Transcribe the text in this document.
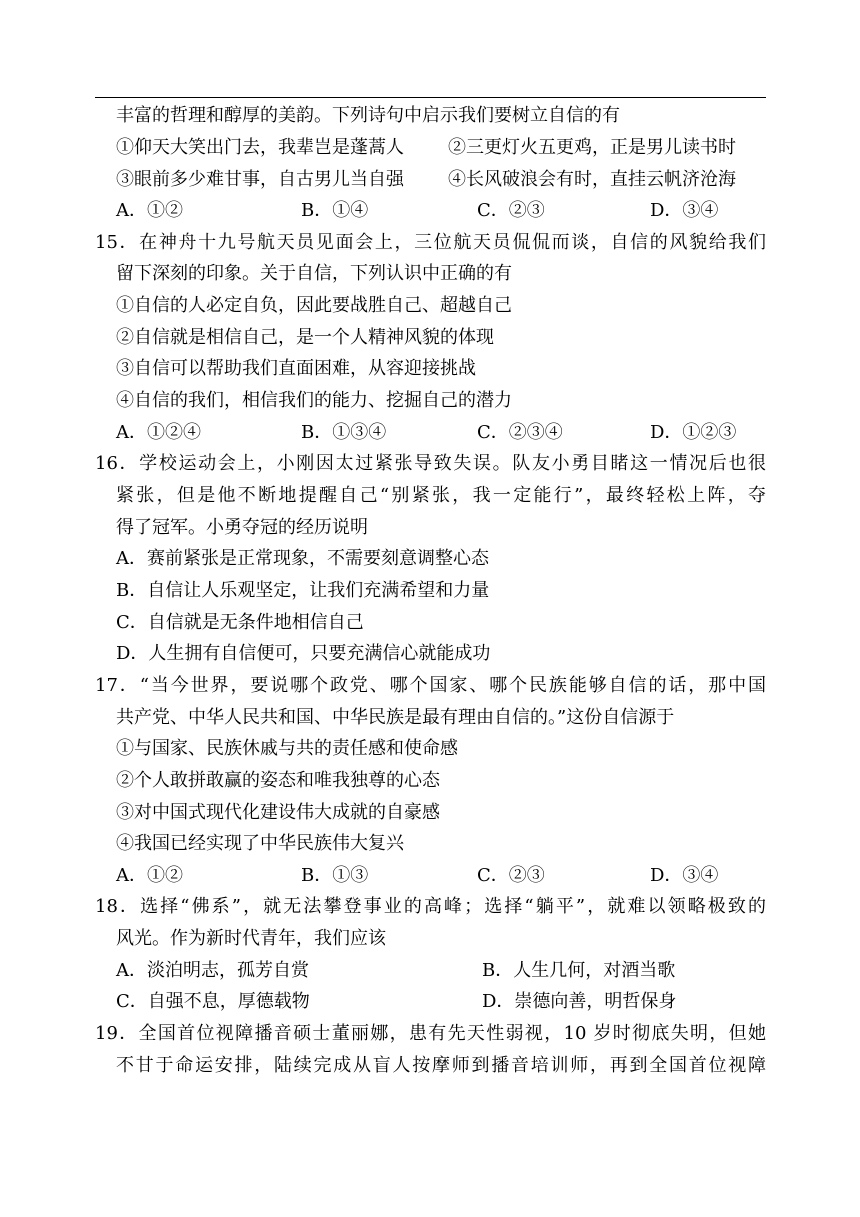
丰富的哲理和醇厚的美韵。下列诗句中启示我们要树立自信的有
①仰天大笑出门去，我辈岂是蓬蒿人 ②三更灯火五更鸡，正是男儿读书时
③眼前多少难甘事，自古男儿当自强 ④长风破浪会有时，直挂云帆济沧海
A．①②	B．①④	C．②③	D．③④
15．在神舟十九号航天员见面会上，三位航天员侃侃而谈，自信的风貌给我们
留下深刻的印象。关于自信，下列认识中正确的有
①自信的人必定自负，因此要战胜自己、超越自己
②自信就是相信自己，是一个人精神风貌的体现
③自信可以帮助我们直面困难，从容迎接挑战
④自信的我们，相信我们的能力、挖掘自己的潜力
A．①②④	B．①③④	C．②③④	D．①②③
16．学校运动会上，小刚因太过紧张导致失误。队友小勇目睹这一情况后也很
紧张，但是他不断地提醒自己“别紧张，我一定能行”，最终轻松上阵，夺
得了冠军。小勇夺冠的经历说明
A．赛前紧张是正常现象，不需要刻意调整心态
B．自信让人乐观坚定，让我们充满希望和力量
C．自信就是无条件地相信自己
D．人生拥有自信便可，只要充满信心就能成功
17．“当今世界，要说哪个政党、哪个国家、哪个民族能够自信的话，那中国
共产党、中华人民共和国、中华民族是最有理由自信的。”这份自信源于
①与国家、民族休戚与共的责任感和使命感
②个人敢拼敢赢的姿态和唯我独尊的心态
③对中国式现代化建设伟大成就的自豪感
④我国已经实现了中华民族伟大复兴
A．①②	B．①③	C．②③	D．③④
18．选择“佛系”，就无法攀登事业的高峰；选择“躺平”，就难以领略极致的
风光。作为新时代青年，我们应该
A．淡泊明志，孤芳自赏	B．人生几何，对酒当歌
C．自强不息，厚德载物	D．崇德向善，明哲保身
19．全国首位视障播音硕士董丽娜，患有先天性弱视，10 岁时彻底失明，但她
不甘于命运安排，陆续完成从盲人按摩师到播音培训师，再到全国首位视障
